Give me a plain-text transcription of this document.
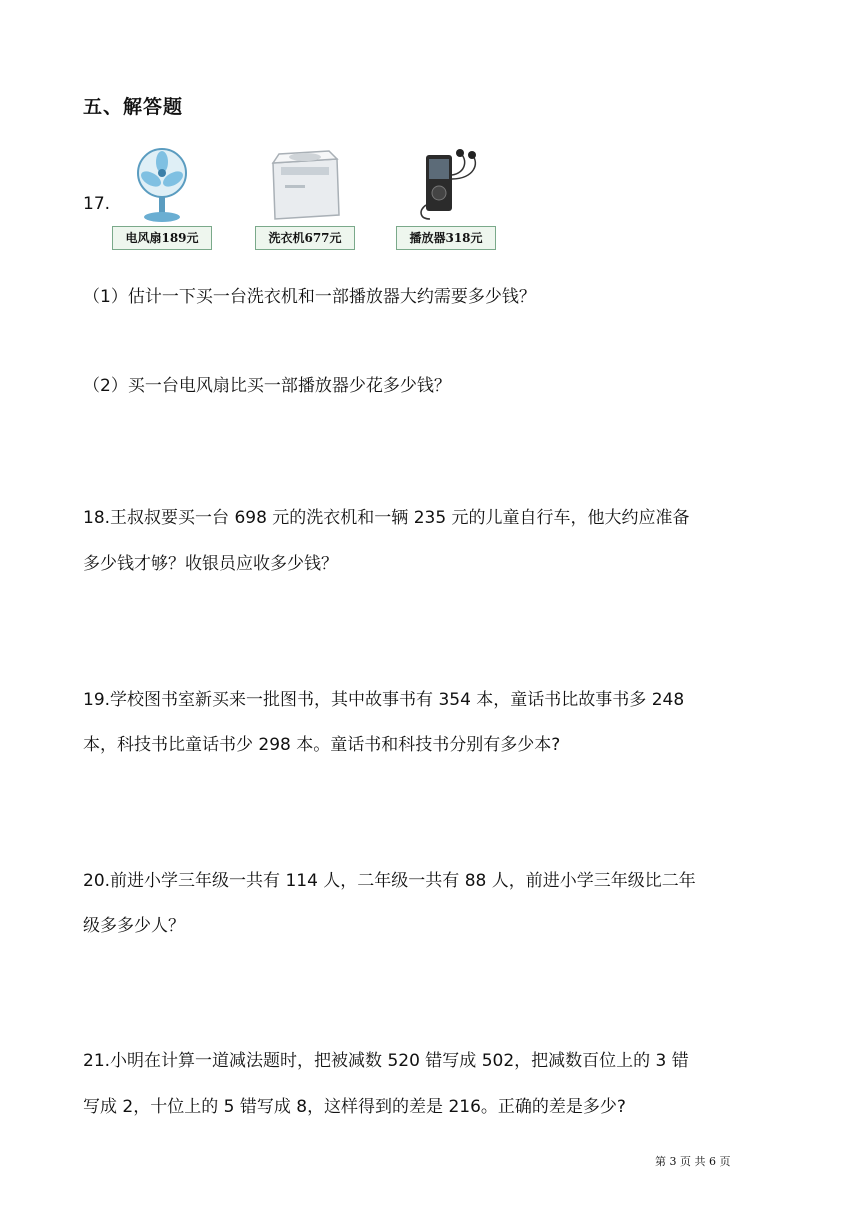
五、解答题
17.
电风扇189元	洗衣机677元	播放器318元
（1）估计一下买一台洗衣机和一部播放器大约需要多少钱？
（2）买一台电风扇比买一部播放器少花多少钱？
18.王叔叔要买一台 698 元的洗衣机和一辆 235 元的儿童自行车，他大约应准备
多少钱才够？收银员应收多少钱？
19.学校图书室新买来一批图书，其中故事书有 354 本，童话书比故事书多 248
本，科技书比童话书少 298 本。童话书和科技书分别有多少本?
20.前进小学三年级一共有 114 人，二年级一共有 88 人，前进小学三年级比二年
级多多少人？
21.小明在计算一道减法题时，把被减数 520 错写成 502，把减数百位上的 3 错
写成 2，十位上的 5 错写成 8，这样得到的差是 216。正确的差是多少?
第 3 页 共 6 页
